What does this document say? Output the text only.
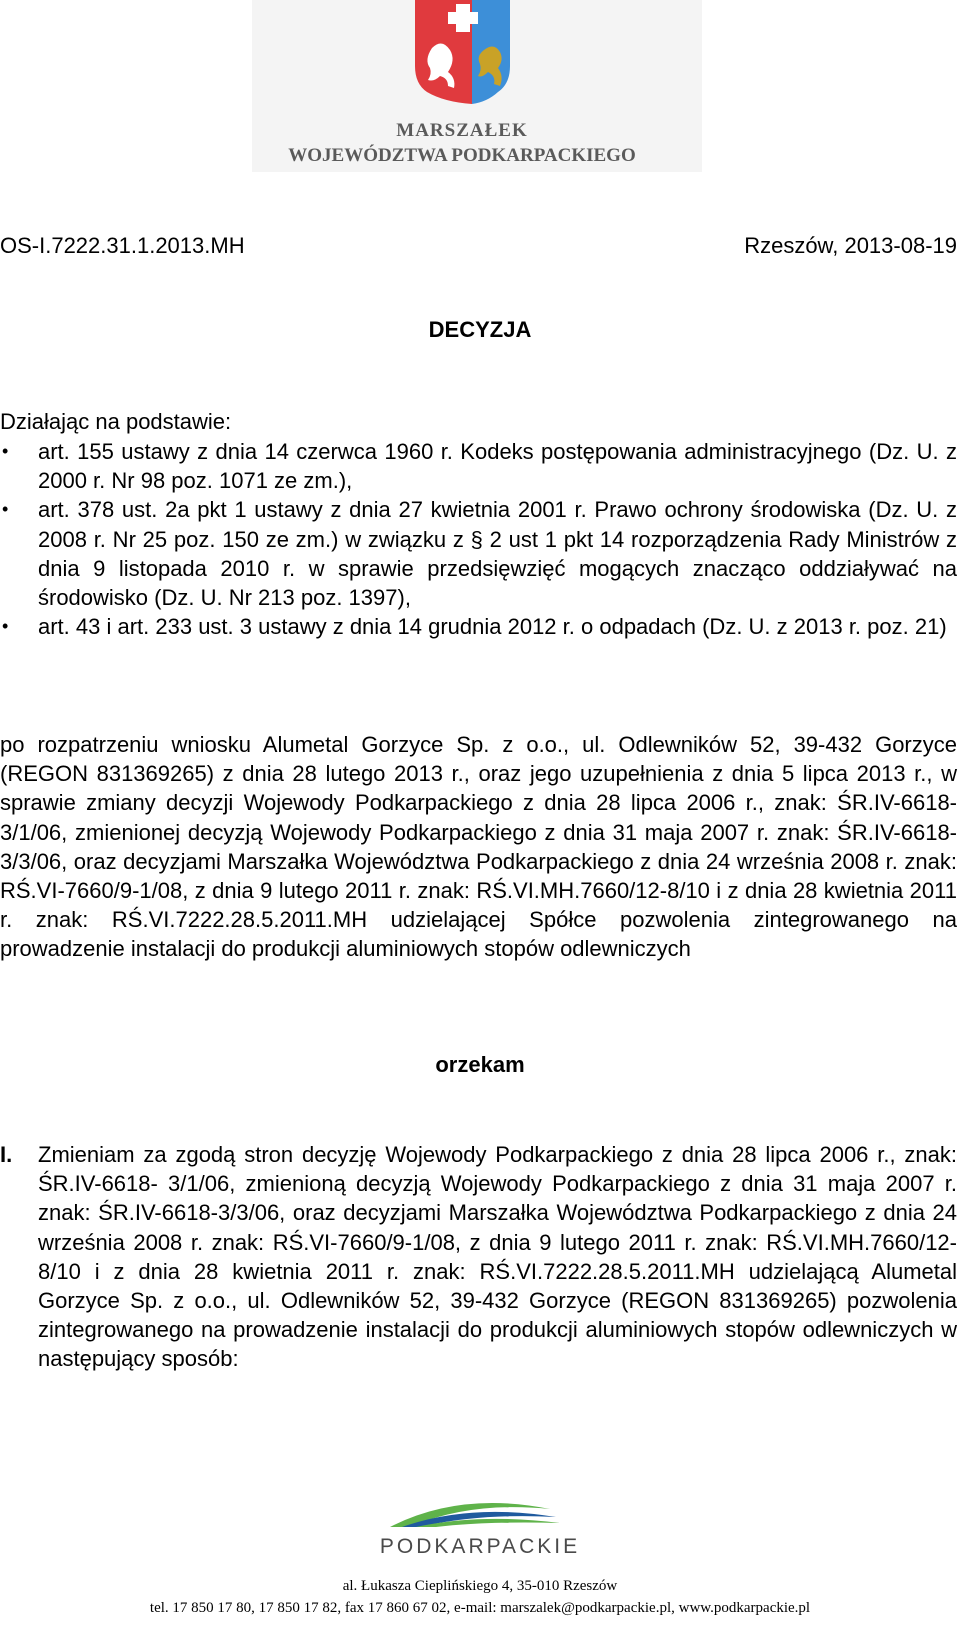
MARSZAŁEK
WOJEWÓDZTWA PODKARPACKIEGO
OS-I.7222.31.1.2013.MH	Rzeszów, 2013-08-19
DECYZJA
Działając na podstawie:
• art. 155 ustawy z dnia 14 czerwca 1960 r. Kodeks postępowania administracyjnego (Dz. U. z 2000 r. Nr 98 poz. 1071 ze zm.),
• art. 378 ust. 2a pkt 1 ustawy z dnia 27 kwietnia 2001 r. Prawo ochrony środowiska (Dz. U. z 2008 r. Nr 25 poz. 150 ze zm.) w związku z § 2 ust 1 pkt 14 rozporządzenia Rady Ministrów z dnia 9 listopada 2010 r. w sprawie przedsięwzięć mogących znacząco oddziaływać na środowisko (Dz. U. Nr 213 poz. 1397),
• art. 43 i art. 233 ust. 3 ustawy z dnia 14 grudnia 2012 r. o odpadach (Dz. U. z 2013 r. poz. 21)

po rozpatrzeniu wniosku Alumetal Gorzyce Sp. z o.o., ul. Odlewników 52, 39-432 Gorzyce (REGON 831369265) z dnia 28 lutego 2013 r., oraz jego uzupełnienia z dnia 5 lipca 2013 r., w sprawie zmiany decyzji Wojewody Podkarpackiego z dnia 28 lipca 2006 r., znak: ŚR.IV-6618-3/1/06, zmienionej decyzją Wojewody Podkarpackiego z dnia 31 maja 2007 r. znak: ŚR.IV-6618-3/3/06, oraz decyzjami Marszałka Województwa Podkarpackiego z dnia 24 września 2008 r. znak: RŚ.VI-7660/9-1/08, z dnia 9 lutego 2011 r. znak: RŚ.VI.MH.7660/12-8/10 i z dnia 28 kwietnia 2011 r. znak: RŚ.VI.7222.28.5.2011.MH udzielającej Spółce pozwolenia zintegrowanego na prowadzenie instalacji do produkcji aluminiowych stopów odlewniczych

orzekam
I. Zmieniam za zgodą stron decyzję Wojewody Podkarpackiego z dnia 28 lipca 2006 r., znak: ŚR.IV-6618- 3/1/06, zmienioną decyzją Wojewody Podkarpackiego z dnia 31 maja 2007 r. znak: ŚR.IV-6618-3/3/06, oraz decyzjami Marszałka Województwa Podkarpackiego z dnia 24 września 2008 r. znak: RŚ.VI-7660/9-1/08, z dnia 9 lutego 2011 r. znak: RŚ.VI.MH.7660/12-8/10 i z dnia 28 kwietnia 2011 r. znak: RŚ.VI.7222.28.5.2011.MH udzielającą Alumetal Gorzyce Sp. z o.o., ul. Odlewników 52, 39-432 Gorzyce (REGON 831369265) pozwolenia zintegrowanego na prowadzenie instalacji do produkcji aluminiowych stopów odlewniczych w następujący sposób:
PODKARPACKIE
al. Łukasza Cieplińskiego 4, 35-010 Rzeszów
tel. 17 850 17 80, 17 850 17 82, fax 17 860 67 02, e-mail: marszalek@podkarpackie.pl, www.podkarpackie.pl
